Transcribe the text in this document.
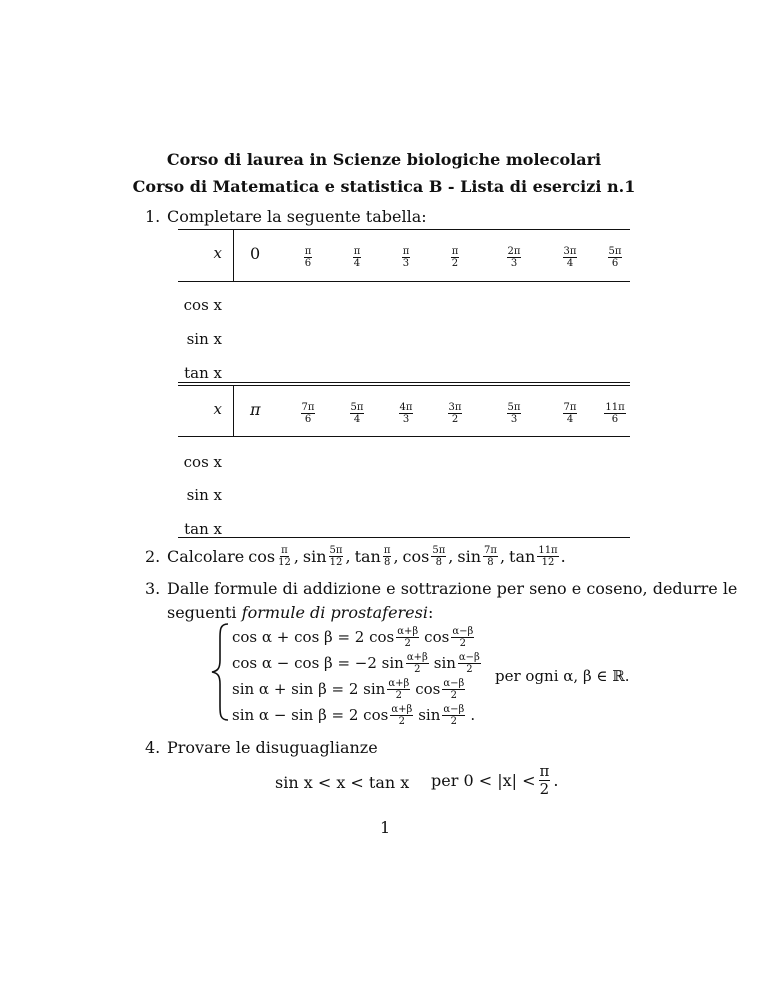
Corso di laurea in Scienze biologiche molecolari
Corso di Matematica e statistica B - Lista di esercizi n.1
1. Completare la seguente tabella:
x 0	$\frac{\pi}{6}$	$\frac{\pi}{4}$	$\frac{\pi}{3}$	$\frac{\pi}{2}$	$\frac{2\pi}{3}$	$\frac{3\pi}{4}$	$\frac{5\pi}{6}$
cos x
sin x
tan x
x π	$\frac{7\pi}{6}$	$\frac{5\pi}{4}$	$\frac{4\pi}{3}$	$\frac{3\pi}{2}$	$\frac{5\pi}{3}$	$\frac{7\pi}{4}$	$\frac{11\pi}{6}$
cos x
sin x
tan x
2. Calcolare $\cos \frac{\pi}{12}$ , $\sin \frac{5\pi}{12}$ , $\tan \frac{\pi}{8}$ , $\cos \frac{5\pi}{8}$ , $\sin \frac{7\pi}{8}$ , $\tan \frac{11\pi}{12}$ .
3. Dalle formule di addizione e sottrazione per seno e coseno, dedurre le
seguenti formule di prostaferesi:
cos α + cos β = 2 $\cos \frac{\alpha+\beta}{2}$ $\cos \frac{\alpha-\beta}{2}$
cos α − cos β = −2 $\sin \frac{\alpha+\beta}{2}$ $\sin \frac{\alpha-\beta}{2}$
sin α + sin β = 2 $\sin \frac{\alpha+\beta}{2}$ $\cos \frac{\alpha-\beta}{2}$
sin α − sin β = 2 $\cos \frac{\alpha+\beta}{2}$ $\sin \frac{\alpha-\beta}{2}$ .
per ogni α, β ∈ ℝ.
4. Provare le disuguaglianze
sin x < x < tan x per $0 < |x| < \frac{\pi}{2}$ .
1
